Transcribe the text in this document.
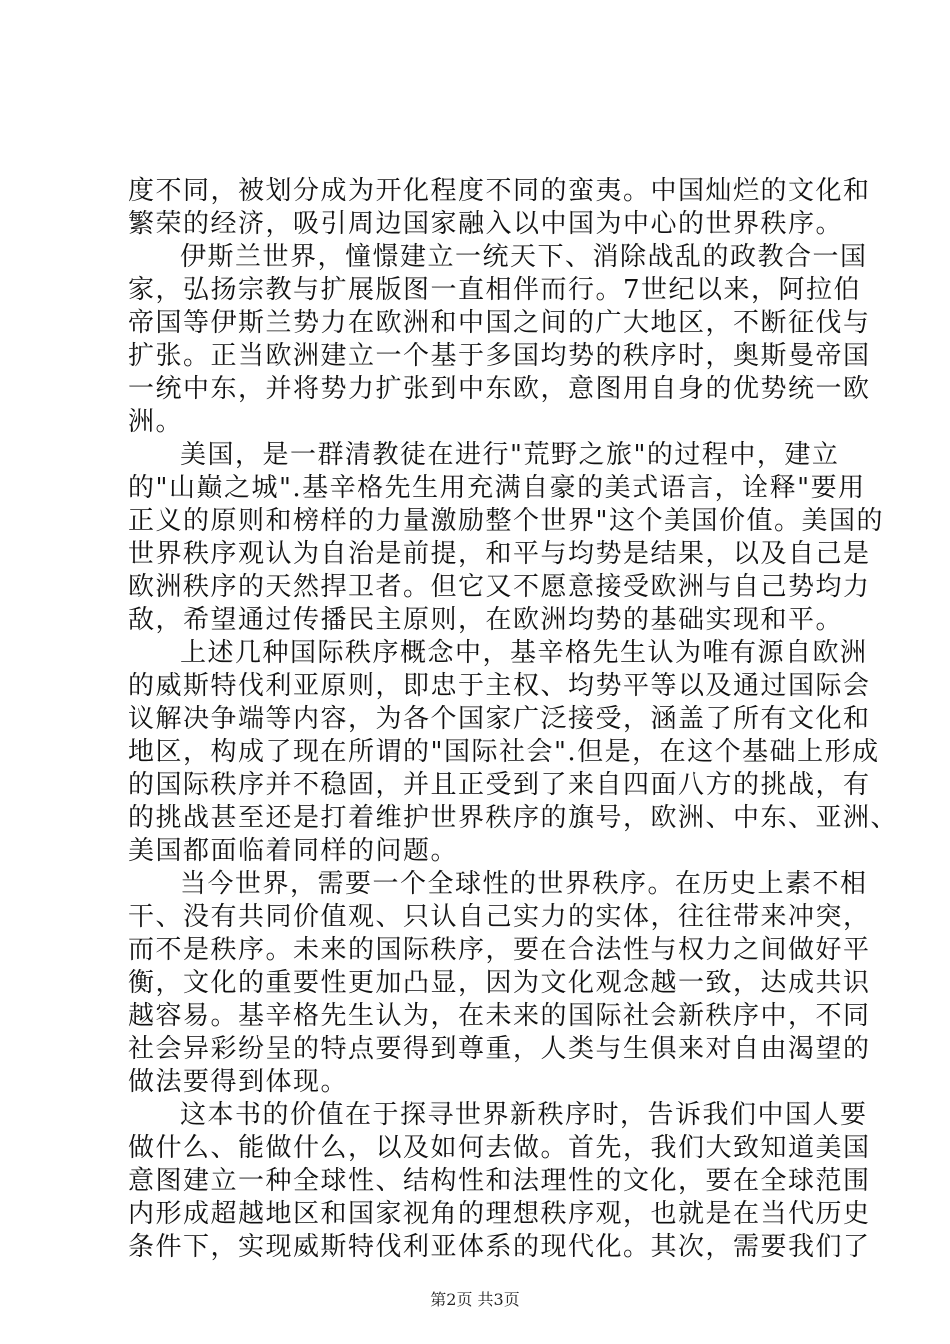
度不同，被划分成为开化程度不同的蛮夷。中国灿烂的文化和
繁荣的经济，吸引周边国家融入以中国为中心的世界秩序。
伊斯兰世界，憧憬建立一统天下、消除战乱的政教合一国
家，弘扬宗教与扩展版图一直相伴而行。7世纪以来，阿拉伯
帝国等伊斯兰势力在欧洲和中国之间的广大地区，不断征伐与
扩张。正当欧洲建立一个基于多国均势的秩序时，奥斯曼帝国
一统中东，并将势力扩张到中东欧，意图用自身的优势统一欧
洲。
美国，是一群清教徒在进行"荒野之旅"的过程中，建立
的"山巅之城".基辛格先生用充满自豪的美式语言，诠释"要用
正义的原则和榜样的力量激励整个世界"这个美国价值。美国的
世界秩序观认为自治是前提，和平与均势是结果，以及自己是
欧洲秩序的天然捍卫者。但它又不愿意接受欧洲与自己势均力
敌，希望通过传播民主原则，在欧洲均势的基础实现和平。
上述几种国际秩序概念中，基辛格先生认为唯有源自欧洲
的威斯特伐利亚原则，即忠于主权、均势平等以及通过国际会
议解决争端等内容，为各个国家广泛接受，涵盖了所有文化和
地区，构成了现在所谓的"国际社会".但是，在这个基础上形成
的国际秩序并不稳固，并且正受到了来自四面八方的挑战，有
的挑战甚至还是打着维护世界秩序的旗号，欧洲、中东、亚洲、
美国都面临着同样的问题。
当今世界，需要一个全球性的世界秩序。在历史上素不相
干、没有共同价值观、只认自己实力的实体，往往带来冲突，
而不是秩序。未来的国际秩序，要在合法性与权力之间做好平
衡，文化的重要性更加凸显，因为文化观念越一致，达成共识
越容易。基辛格先生认为，在未来的国际社会新秩序中，不同
社会异彩纷呈的特点要得到尊重，人类与生俱来对自由渴望的
做法要得到体现。
这本书的价值在于探寻世界新秩序时，告诉我们中国人要
做什么、能做什么，以及如何去做。首先，我们大致知道美国
意图建立一种全球性、结构性和法理性的文化，要在全球范围
内形成超越地区和国家视角的理想秩序观，也就是在当代历史
条件下，实现威斯特伐利亚体系的现代化。其次，需要我们了
第2页 共3页
